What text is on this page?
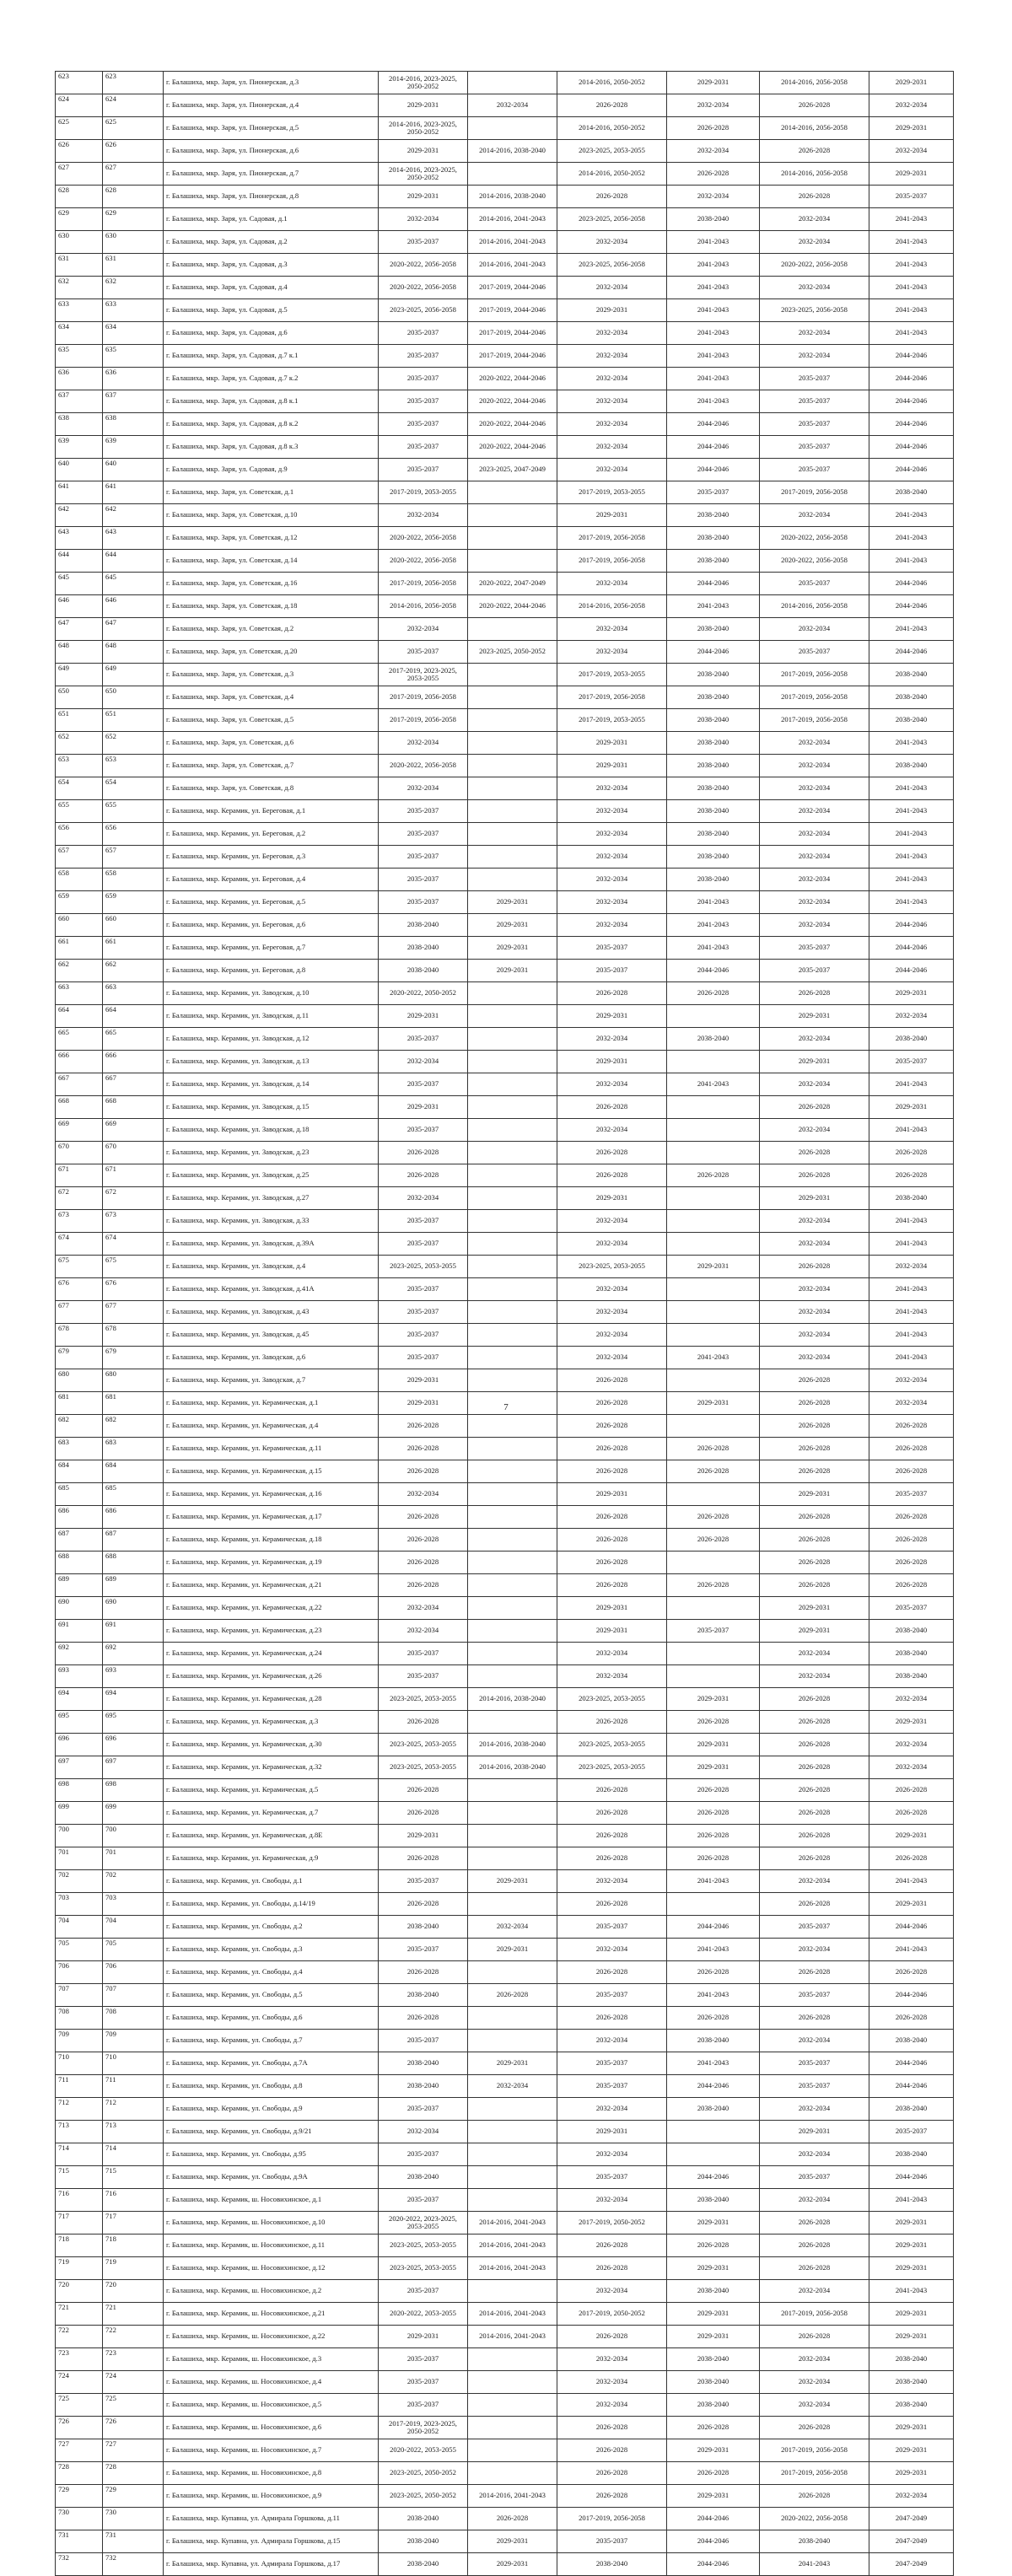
623	623	г. Балашиха, мкр. Заря, ул. Пионерская, д.3	2014-2016, 2023-2025, 2050-2052		2014-2016, 2050-2052	2029-2031	2014-2016, 2056-2058	2029-2031
624	624	г. Балашиха, мкр. Заря, ул. Пионерская, д.4	2029-2031	2032-2034	2026-2028	2032-2034	2026-2028	2032-2034
625	625	г. Балашиха, мкр. Заря, ул. Пионерская, д.5	2014-2016, 2023-2025, 2050-2052		2014-2016, 2050-2052	2026-2028	2014-2016, 2056-2058	2029-2031
626	626	г. Балашиха, мкр. Заря, ул. Пионерская, д.6	2029-2031	2014-2016, 2038-2040	2023-2025, 2053-2055	2032-2034	2026-2028	2032-2034
627	627	г. Балашиха, мкр. Заря, ул. Пионерская, д.7	2014-2016, 2023-2025, 2050-2052		2014-2016, 2050-2052	2026-2028	2014-2016, 2056-2058	2029-2031
628	628	г. Балашиха, мкр. Заря, ул. Пионерская, д.8	2029-2031	2014-2016, 2038-2040	2026-2028	2032-2034	2026-2028	2035-2037
629	629	г. Балашиха, мкр. Заря, ул. Садовая, д.1	2032-2034	2014-2016, 2041-2043	2023-2025, 2056-2058	2038-2040	2032-2034	2041-2043
630	630	г. Балашиха, мкр. Заря, ул. Садовая, д.2	2035-2037	2014-2016, 2041-2043	2032-2034	2041-2043	2032-2034	2041-2043
631	631	г. Балашиха, мкр. Заря, ул. Садовая, д.3	2020-2022, 2056-2058	2014-2016, 2041-2043	2023-2025, 2056-2058	2041-2043	2020-2022, 2056-2058	2041-2043
632	632	г. Балашиха, мкр. Заря, ул. Садовая, д.4	2020-2022, 2056-2058	2017-2019, 2044-2046	2032-2034	2041-2043	2032-2034	2041-2043
633	633	г. Балашиха, мкр. Заря, ул. Садовая, д.5	2023-2025, 2056-2058	2017-2019, 2044-2046	2029-2031	2041-2043	2023-2025, 2056-2058	2041-2043
634	634	г. Балашиха, мкр. Заря, ул. Садовая, д.6	2035-2037	2017-2019, 2044-2046	2032-2034	2041-2043	2032-2034	2041-2043
635	635	г. Балашиха, мкр. Заря, ул. Садовая, д.7 к.1	2035-2037	2017-2019, 2044-2046	2032-2034	2041-2043	2032-2034	2044-2046
636	636	г. Балашиха, мкр. Заря, ул. Садовая, д.7 к.2	2035-2037	2020-2022, 2044-2046	2032-2034	2041-2043	2035-2037	2044-2046
637	637	г. Балашиха, мкр. Заря, ул. Садовая, д.8 к.1	2035-2037	2020-2022, 2044-2046	2032-2034	2041-2043	2035-2037	2044-2046
638	638	г. Балашиха, мкр. Заря, ул. Садовая, д.8 к.2	2035-2037	2020-2022, 2044-2046	2032-2034	2044-2046	2035-2037	2044-2046
639	639	г. Балашиха, мкр. Заря, ул. Садовая, д.8 к.3	2035-2037	2020-2022, 2044-2046	2032-2034	2044-2046	2035-2037	2044-2046
640	640	г. Балашиха, мкр. Заря, ул. Садовая, д.9	2035-2037	2023-2025, 2047-2049	2032-2034	2044-2046	2035-2037	2044-2046
641	641	г. Балашиха, мкр. Заря, ул. Советская, д.1	2017-2019, 2053-2055		2017-2019, 2053-2055	2035-2037	2017-2019, 2056-2058	2038-2040
642	642	г. Балашиха, мкр. Заря, ул. Советская, д.10	2032-2034		2029-2031	2038-2040	2032-2034	2041-2043
643	643	г. Балашиха, мкр. Заря, ул. Советская, д.12	2020-2022, 2056-2058		2017-2019, 2056-2058	2038-2040	2020-2022, 2056-2058	2041-2043
644	644	г. Балашиха, мкр. Заря, ул. Советская, д.14	2020-2022, 2056-2058		2017-2019, 2056-2058	2038-2040	2020-2022, 2056-2058	2041-2043
645	645	г. Балашиха, мкр. Заря, ул. Советская, д.16	2017-2019, 2056-2058	2020-2022, 2047-2049	2032-2034	2044-2046	2035-2037	2044-2046
646	646	г. Балашиха, мкр. Заря, ул. Советская, д.18	2014-2016, 2056-2058	2020-2022, 2044-2046	2014-2016, 2056-2058	2041-2043	2014-2016, 2056-2058	2044-2046
647	647	г. Балашиха, мкр. Заря, ул. Советская, д.2	2032-2034		2032-2034	2038-2040	2032-2034	2041-2043
648	648	г. Балашиха, мкр. Заря, ул. Советская, д.20	2035-2037	2023-2025, 2050-2052	2032-2034	2044-2046	2035-2037	2044-2046
649	649	г. Балашиха, мкр. Заря, ул. Советская, д.3	2017-2019, 2023-2025, 2053-2055		2017-2019, 2053-2055	2038-2040	2017-2019, 2056-2058	2038-2040
650	650	г. Балашиха, мкр. Заря, ул. Советская, д.4	2017-2019, 2056-2058		2017-2019, 2056-2058	2038-2040	2017-2019, 2056-2058	2038-2040
651	651	г. Балашиха, мкр. Заря, ул. Советская, д.5	2017-2019, 2056-2058		2017-2019, 2053-2055	2038-2040	2017-2019, 2056-2058	2038-2040
652	652	г. Балашиха, мкр. Заря, ул. Советская, д.6	2032-2034		2029-2031	2038-2040	2032-2034	2041-2043
653	653	г. Балашиха, мкр. Заря, ул. Советская, д.7	2020-2022, 2056-2058		2029-2031	2038-2040	2032-2034	2038-2040
654	654	г. Балашиха, мкр. Заря, ул. Советская, д.8	2032-2034		2032-2034	2038-2040	2032-2034	2041-2043
655	655	г. Балашиха, мкр. Керамик, ул. Береговая, д.1	2035-2037		2032-2034	2038-2040	2032-2034	2041-2043
656	656	г. Балашиха, мкр. Керамик, ул. Береговая, д.2	2035-2037		2032-2034	2038-2040	2032-2034	2041-2043
657	657	г. Балашиха, мкр. Керамик, ул. Береговая, д.3	2035-2037		2032-2034	2038-2040	2032-2034	2041-2043
658	658	г. Балашиха, мкр. Керамик, ул. Береговая, д.4	2035-2037		2032-2034	2038-2040	2032-2034	2041-2043
659	659	г. Балашиха, мкр. Керамик, ул. Береговая, д.5	2035-2037	2029-2031	2032-2034	2041-2043	2032-2034	2041-2043
660	660	г. Балашиха, мкр. Керамик, ул. Береговая, д.6	2038-2040	2029-2031	2032-2034	2041-2043	2032-2034	2044-2046
661	661	г. Балашиха, мкр. Керамик, ул. Береговая, д.7	2038-2040	2029-2031	2035-2037	2041-2043	2035-2037	2044-2046
662	662	г. Балашиха, мкр. Керамик, ул. Береговая, д.8	2038-2040	2029-2031	2035-2037	2044-2046	2035-2037	2044-2046
663	663	г. Балашиха, мкр. Керамик, ул. Заводская, д.10	2020-2022, 2050-2052		2026-2028	2026-2028	2026-2028	2029-2031
664	664	г. Балашиха, мкр. Керамик, ул. Заводская, д.11	2029-2031		2029-2031		2029-2031	2032-2034
665	665	г. Балашиха, мкр. Керамик, ул. Заводская, д.12	2035-2037		2032-2034	2038-2040	2032-2034	2038-2040
666	666	г. Балашиха, мкр. Керамик, ул. Заводская, д.13	2032-2034		2029-2031		2029-2031	2035-2037
667	667	г. Балашиха, мкр. Керамик, ул. Заводская, д.14	2035-2037		2032-2034	2041-2043	2032-2034	2041-2043
668	668	г. Балашиха, мкр. Керамик, ул. Заводская, д.15	2029-2031		2026-2028		2026-2028	2029-2031
669	669	г. Балашиха, мкр. Керамик, ул. Заводская, д.18	2035-2037		2032-2034		2032-2034	2041-2043
670	670	г. Балашиха, мкр. Керамик, ул. Заводская, д.23	2026-2028		2026-2028		2026-2028	2026-2028
671	671	г. Балашиха, мкр. Керамик, ул. Заводская, д.25	2026-2028		2026-2028	2026-2028	2026-2028	2026-2028
672	672	г. Балашиха, мкр. Керамик, ул. Заводская, д.27	2032-2034		2029-2031		2029-2031	2038-2040
673	673	г. Балашиха, мкр. Керамик, ул. Заводская, д.33	2035-2037		2032-2034		2032-2034	2041-2043
674	674	г. Балашиха, мкр. Керамик, ул. Заводская, д.39А	2035-2037		2032-2034		2032-2034	2041-2043
675	675	г. Балашиха, мкр. Керамик, ул. Заводская, д.4	2023-2025, 2053-2055		2023-2025, 2053-2055	2029-2031	2026-2028	2032-2034
676	676	г. Балашиха, мкр. Керамик, ул. Заводская, д.41А	2035-2037		2032-2034		2032-2034	2041-2043
677	677	г. Балашиха, мкр. Керамик, ул. Заводская, д.43	2035-2037		2032-2034		2032-2034	2041-2043
678	678	г. Балашиха, мкр. Керамик, ул. Заводская, д.45	2035-2037		2032-2034		2032-2034	2041-2043
679	679	г. Балашиха, мкр. Керамик, ул. Заводская, д.6	2035-2037		2032-2034	2041-2043	2032-2034	2041-2043
680	680	г. Балашиха, мкр. Керамик, ул. Заводская, д.7	2029-2031		2026-2028		2026-2028	2032-2034
681	681	г. Балашиха, мкр. Керамик, ул. Керамическая, д.1	2029-2031		2026-2028	2029-2031	2026-2028	2032-2034
682	682	г. Балашиха, мкр. Керамик, ул. Керамическая, д.4	2026-2028		2026-2028		2026-2028	2026-2028
683	683	г. Балашиха, мкр. Керамик, ул. Керамическая, д.11	2026-2028		2026-2028	2026-2028	2026-2028	2026-2028
684	684	г. Балашиха, мкр. Керамик, ул. Керамическая, д.15	2026-2028		2026-2028	2026-2028	2026-2028	2026-2028
685	685	г. Балашиха, мкр. Керамик, ул. Керамическая, д.16	2032-2034		2029-2031		2029-2031	2035-2037
686	686	г. Балашиха, мкр. Керамик, ул. Керамическая, д.17	2026-2028		2026-2028	2026-2028	2026-2028	2026-2028
687	687	г. Балашиха, мкр. Керамик, ул. Керамическая, д.18	2026-2028		2026-2028	2026-2028	2026-2028	2026-2028
688	688	г. Балашиха, мкр. Керамик, ул. Керамическая, д.19	2026-2028		2026-2028		2026-2028	2026-2028
689	689	г. Балашиха, мкр. Керамик, ул. Керамическая, д.21	2026-2028		2026-2028	2026-2028	2026-2028	2026-2028
690	690	г. Балашиха, мкр. Керамик, ул. Керамическая, д.22	2032-2034		2029-2031		2029-2031	2035-2037
691	691	г. Балашиха, мкр. Керамик, ул. Керамическая, д.23	2032-2034		2029-2031	2035-2037	2029-2031	2038-2040
692	692	г. Балашиха, мкр. Керамик, ул. Керамическая, д.24	2035-2037		2032-2034		2032-2034	2038-2040
693	693	г. Балашиха, мкр. Керамик, ул. Керамическая, д.26	2035-2037		2032-2034		2032-2034	2038-2040
694	694	г. Балашиха, мкр. Керамик, ул. Керамическая, д.28	2023-2025, 2053-2055	2014-2016, 2038-2040	2023-2025, 2053-2055	2029-2031	2026-2028	2032-2034
695	695	г. Балашиха, мкр. Керамик, ул. Керамическая, д.3	2026-2028		2026-2028	2026-2028	2026-2028	2029-2031
696	696	г. Балашиха, мкр. Керамик, ул. Керамическая, д.30	2023-2025, 2053-2055	2014-2016, 2038-2040	2023-2025, 2053-2055	2029-2031	2026-2028	2032-2034
697	697	г. Балашиха, мкр. Керамик, ул. Керамическая, д.32	2023-2025, 2053-2055	2014-2016, 2038-2040	2023-2025, 2053-2055	2029-2031	2026-2028	2032-2034
698	698	г. Балашиха, мкр. Керамик, ул. Керамическая, д.5	2026-2028		2026-2028	2026-2028	2026-2028	2026-2028
699	699	г. Балашиха, мкр. Керамик, ул. Керамическая, д.7	2026-2028		2026-2028	2026-2028	2026-2028	2026-2028
700	700	г. Балашиха, мкр. Керамик, ул. Керамическая, д.8Е	2029-2031		2026-2028	2026-2028	2026-2028	2029-2031
701	701	г. Балашиха, мкр. Керамик, ул. Керамическая, д.9	2026-2028		2026-2028	2026-2028	2026-2028	2026-2028
702	702	г. Балашиха, мкр. Керамик, ул. Свободы, д.1	2035-2037	2029-2031	2032-2034	2041-2043	2032-2034	2041-2043
703	703	г. Балашиха, мкр. Керамик, ул. Свободы, д.14/19	2026-2028		2026-2028		2026-2028	2029-2031
704	704	г. Балашиха, мкр. Керамик, ул. Свободы, д.2	2038-2040	2032-2034	2035-2037	2044-2046	2035-2037	2044-2046
705	705	г. Балашиха, мкр. Керамик, ул. Свободы, д.3	2035-2037	2029-2031	2032-2034	2041-2043	2032-2034	2041-2043
706	706	г. Балашиха, мкр. Керамик, ул. Свободы, д.4	2026-2028		2026-2028	2026-2028	2026-2028	2026-2028
707	707	г. Балашиха, мкр. Керамик, ул. Свободы, д.5	2038-2040	2026-2028	2035-2037	2041-2043	2035-2037	2044-2046
708	708	г. Балашиха, мкр. Керамик, ул. Свободы, д.6	2026-2028		2026-2028	2026-2028	2026-2028	2026-2028
709	709	г. Балашиха, мкр. Керамик, ул. Свободы, д.7	2035-2037		2032-2034	2038-2040	2032-2034	2038-2040
710	710	г. Балашиха, мкр. Керамик, ул. Свободы, д.7А	2038-2040	2029-2031	2035-2037	2041-2043	2035-2037	2044-2046
711	711	г. Балашиха, мкр. Керамик, ул. Свободы, д.8	2038-2040	2032-2034	2035-2037	2044-2046	2035-2037	2044-2046
712	712	г. Балашиха, мкр. Керамик, ул. Свободы, д.9	2035-2037		2032-2034	2038-2040	2032-2034	2038-2040
713	713	г. Балашиха, мкр. Керамик, ул. Свободы, д.9/21	2032-2034		2029-2031		2029-2031	2035-2037
714	714	г. Балашиха, мкр. Керамик, ул. Свободы, д.95	2035-2037		2032-2034		2032-2034	2038-2040
715	715	г. Балашиха, мкр. Керамик, ул. Свободы, д.9А	2038-2040		2035-2037	2044-2046	2035-2037	2044-2046
716	716	г. Балашиха, мкр. Керамик, ш. Носовихинское, д.1	2035-2037		2032-2034	2038-2040	2032-2034	2041-2043
717	717	г. Балашиха, мкр. Керамик, ш. Носовихинское, д.10	2020-2022, 2023-2025, 2053-2055	2014-2016, 2041-2043	2017-2019, 2050-2052	2029-2031	2026-2028	2029-2031
718	718	г. Балашиха, мкр. Керамик, ш. Носовихинское, д.11	2023-2025, 2053-2055	2014-2016, 2041-2043	2026-2028	2026-2028	2026-2028	2029-2031
719	719	г. Балашиха, мкр. Керамик, ш. Носовихинское, д.12	2023-2025, 2053-2055	2014-2016, 2041-2043	2026-2028	2029-2031	2026-2028	2029-2031
720	720	г. Балашиха, мкр. Керамик, ш. Носовихинское, д.2	2035-2037		2032-2034	2038-2040	2032-2034	2041-2043
721	721	г. Балашиха, мкр. Керамик, ш. Носовихинское, д.21	2020-2022, 2053-2055	2014-2016, 2041-2043	2017-2019, 2050-2052	2029-2031	2017-2019, 2056-2058	2029-2031
722	722	г. Балашиха, мкр. Керамик, ш. Носовихинское, д.22	2029-2031	2014-2016, 2041-2043	2026-2028	2029-2031	2026-2028	2029-2031
723	723	г. Балашиха, мкр. Керамик, ш. Носовихинское, д.3	2035-2037		2032-2034	2038-2040	2032-2034	2038-2040
724	724	г. Балашиха, мкр. Керамик, ш. Носовихинское, д.4	2035-2037		2032-2034	2038-2040	2032-2034	2038-2040
725	725	г. Балашиха, мкр. Керамик, ш. Носовихинское, д.5	2035-2037		2032-2034	2038-2040	2032-2034	2038-2040
726	726	г. Балашиха, мкр. Керамик, ш. Носовихинское, д.6	2017-2019, 2023-2025, 2050-2052		2026-2028	2026-2028	2026-2028	2029-2031
727	727	г. Балашиха, мкр. Керамик, ш. Носовихинское, д.7	2020-2022, 2053-2055		2026-2028	2029-2031	2017-2019, 2056-2058	2029-2031
728	728	г. Балашиха, мкр. Керамик, ш. Носовихинское, д.8	2023-2025, 2050-2052		2026-2028	2026-2028	2017-2019, 2056-2058	2029-2031
729	729	г. Балашиха, мкр. Керамик, ш. Носовихинское, д.9	2023-2025, 2050-2052	2014-2016, 2041-2043	2026-2028	2029-2031	2026-2028	2032-2034
730	730	г. Балашиха, мкр. Купавна, ул. Адмирала Горшкова, д.11	2038-2040	2026-2028	2017-2019, 2056-2058	2044-2046	2020-2022, 2056-2058	2047-2049
731	731	г. Балашиха, мкр. Купавна, ул. Адмирала Горшкова, д.15	2038-2040	2029-2031	2035-2037	2044-2046	2038-2040	2047-2049
732	732	г. Балашиха, мкр. Купавна, ул. Адмирала Горшкова, д.17	2038-2040	2029-2031	2038-2040	2044-2046	2041-2043	2047-2049
7
